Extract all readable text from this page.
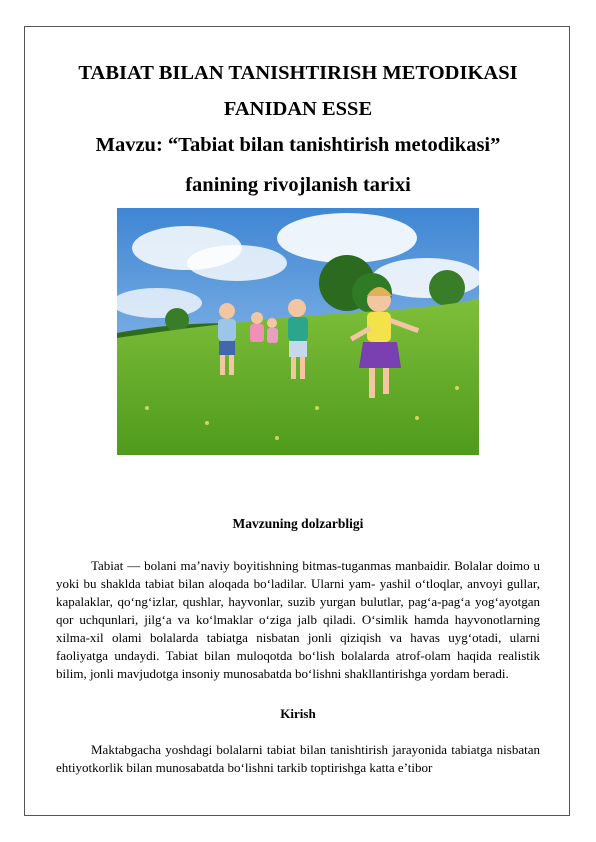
TABIAT BILAN TANISHTIRISH METODIKASI
FANIDAN ESSE
Mavzu: “Tabiat bilan tanishtirish metodikasi”
fanining rivojlanish tarixi
Mavzuning dolzarbligi
Tabiat — bolani ma’naviy boyitishning bitmas-tuganmas manbaidir. Bolalar doimo u yoki bu shaklda tabiat bilan aloqada bo‘ladilar. Ularni yam- yashil o‘tloqlar, anvoyi gullar, kapalaklar, qo‘ng‘izlar, qushlar, hayvonlar, suzib yurgan bulutlar, pag‘a-pag‘a yog‘ayotgan qor uchqunlari, jilg‘a va ko‘lmaklar o‘ziga jalb qiladi. O‘simlik hamda hayvonotlarning xilma-xil olami bolalarda tabiatga nisbatan jonli qiziqish va havas uyg‘otadi, ularni faoliyatga undaydi. Tabiat bilan muloqotda bo‘lish bolalarda atrof-olam haqida realistik bilim, jonli mavjudotga insoniy munosabatda bo‘lishni shakllantirishga yordam beradi.
Kirish
Maktabgacha yoshdagi bolalarni tabiat bilan tanishtirish jarayonida tabiatga nisbatan ehtiyotkorlik bilan munosabatda bo‘lishni tarkib toptirishga katta e’tibor
